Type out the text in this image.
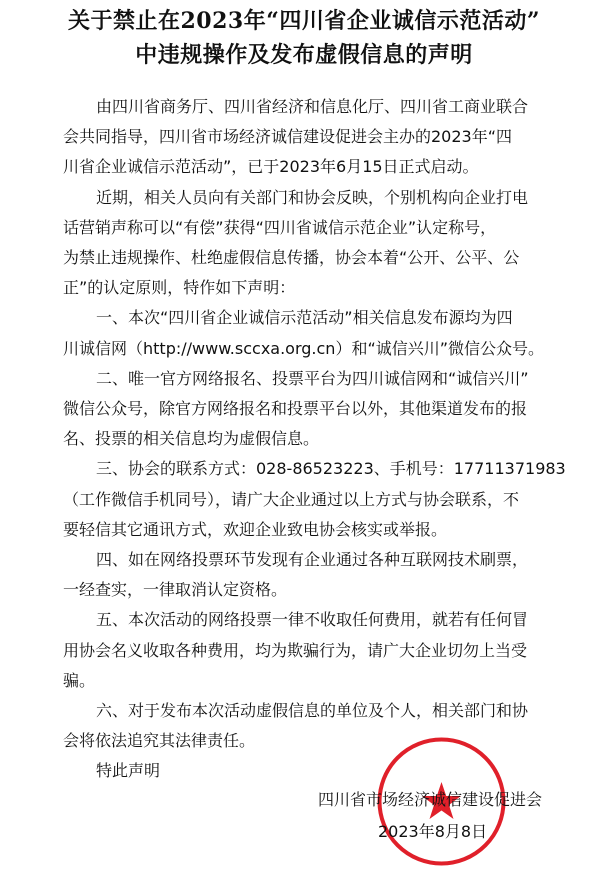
关于禁止在2023年“四川省企业诚信示范活动”
中违规操作及发布虚假信息的声明
由四川省商务厅、四川省经济和信息化厅、四川省工商业联合
会共同指导，四川省市场经济诚信建设促进会主办的2023年“四
川省企业诚信示范活动”，已于2023年6月15日正式启动。
近期，相关人员向有关部门和协会反映，个别机构向企业打电
话营销声称可以“有偿”获得“四川省诚信示范企业”认定称号，
为禁止违规操作、杜绝虚假信息传播，协会本着“公开、公平、公
正”的认定原则，特作如下声明：
一、本次“四川省企业诚信示范活动”相关信息发布源均为四
川诚信网（http://www.sccxa.org.cn）和“诚信兴川”微信公众号。
二、唯一官方网络报名、投票平台为四川诚信网和“诚信兴川”
微信公众号，除官方网络报名和投票平台以外，其他渠道发布的报
名、投票的相关信息均为虚假信息。
三、协会的联系方式：028-86523223、手机号：17711371983
（工作微信手机同号），请广大企业通过以上方式与协会联系，不
要轻信其它通讯方式，欢迎企业致电协会核实或举报。
四、如在网络投票环节发现有企业通过各种互联网技术刷票，
一经查实，一律取消认定资格。
五、本次活动的网络投票一律不收取任何费用，就若有任何冒
用协会名义收取各种费用，均为欺骗行为，请广大企业切勿上当受
骗。
六、对于发布本次活动虚假信息的单位及个人，相关部门和协
会将依法追究其法律责任。
特此声明
四川省市场经济诚信建设促进会
2023年8月8日
